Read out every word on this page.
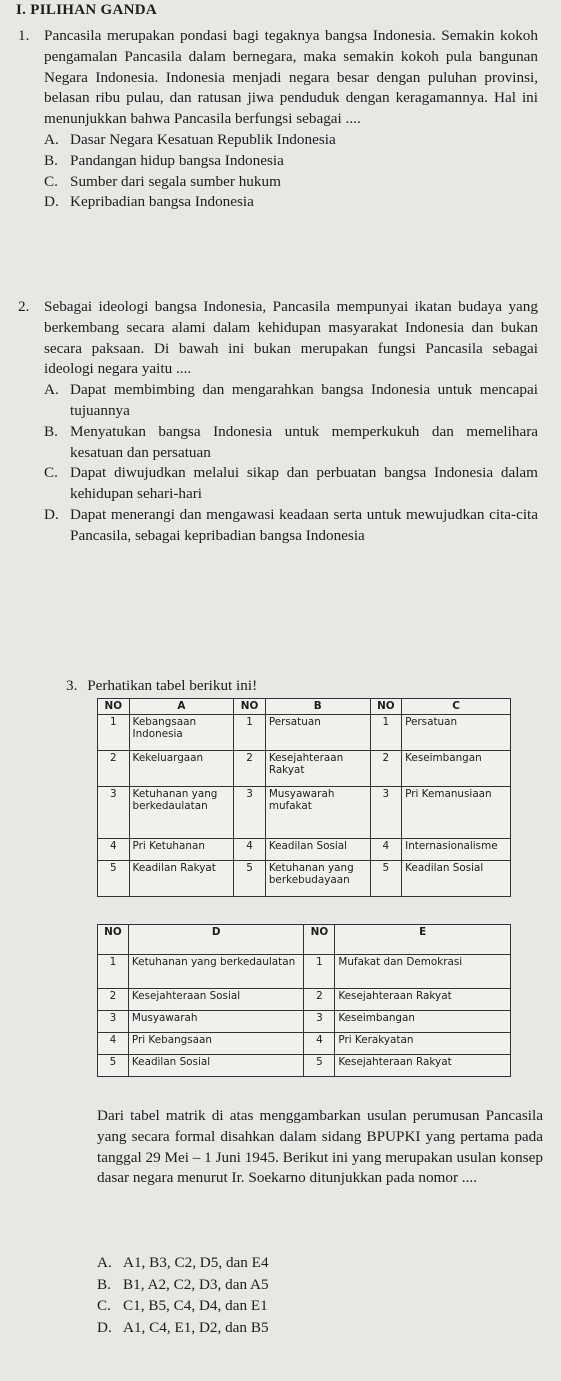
I. PILIHAN GANDA
1. Pancasila merupakan pondasi bagi tegaknya bangsa Indonesia. Semakin kokoh pengamalan Pancasila dalam bernegara, maka semakin kokoh pula bangunan Negara Indonesia. Indonesia menjadi negara besar dengan puluhan provinsi, belasan ribu pulau, dan ratusan jiwa penduduk dengan keragamannya. Hal ini menunjukkan bahwa Pancasila berfungsi sebagai ....
A. Dasar Negara Kesatuan Republik Indonesia
B. Pandangan hidup bangsa Indonesia
C. Sumber dari segala sumber hukum
D. Kepribadian bangsa Indonesia
2. Sebagai ideologi bangsa Indonesia, Pancasila mempunyai ikatan budaya yang berkembang secara alami dalam kehidupan masyarakat Indonesia dan bukan secara paksaan. Di bawah ini bukan merupakan fungsi Pancasila sebagai ideologi negara yaitu ....
A. Dapat membimbing dan mengarahkan bangsa Indonesia untuk mencapai tujuannya
B. Menyatukan bangsa Indonesia untuk memperkukuh dan memelihara kesatuan dan persatuan
C. Dapat diwujudkan melalui sikap dan perbuatan bangsa Indonesia dalam kehidupan sehari-hari
D. Dapat menerangi dan mengawasi keadaan serta untuk mewujudkan cita-cita Pancasila, sebagai kepribadian bangsa Indonesia
3. Perhatikan tabel berikut ini!
NO	A	NO	B	NO	C
1	Kebangsaan Indonesia	1	Persatuan	1	Persatuan
2	Kekeluargaan	2	Kesejahteraan Rakyat	2	Keseimbangan
3	Ketuhanan yang berkedaulatan	3	Musyawarah mufakat	3	Pri Kemanusiaan
4	Pri Ketuhanan	4	Keadilan Sosial	4	Internasionalisme
5	Keadilan Rakyat	5	Ketuhanan yang berkebudayaan	5	Keadilan Sosial
NO	D	NO	E
1	Ketuhanan yang berkedaulatan	1	Mufakat dan Demokrasi
2	Kesejahteraan Sosial	2	Kesejahteraan Rakyat
3	Musyawarah	3	Keseimbangan
4	Pri Kebangsaan	4	Pri Kerakyatan
5	Keadilan Sosial	5	Kesejahteraan Rakyat
Dari tabel matrik di atas menggambarkan usulan perumusan Pancasila yang secara formal disahkan dalam sidang BPUPKI yang pertama pada tanggal 29 Mei – 1 Juni 1945. Berikut ini yang merupakan usulan konsep dasar negara menurut Ir. Soekarno ditunjukkan pada nomor ....
A. A1, B3, C2, D5, dan E4
B. B1, A2, C2, D3, dan A5
C. C1, B5, C4, D4, dan E1
D. A1, C4, E1, D2, dan B5
